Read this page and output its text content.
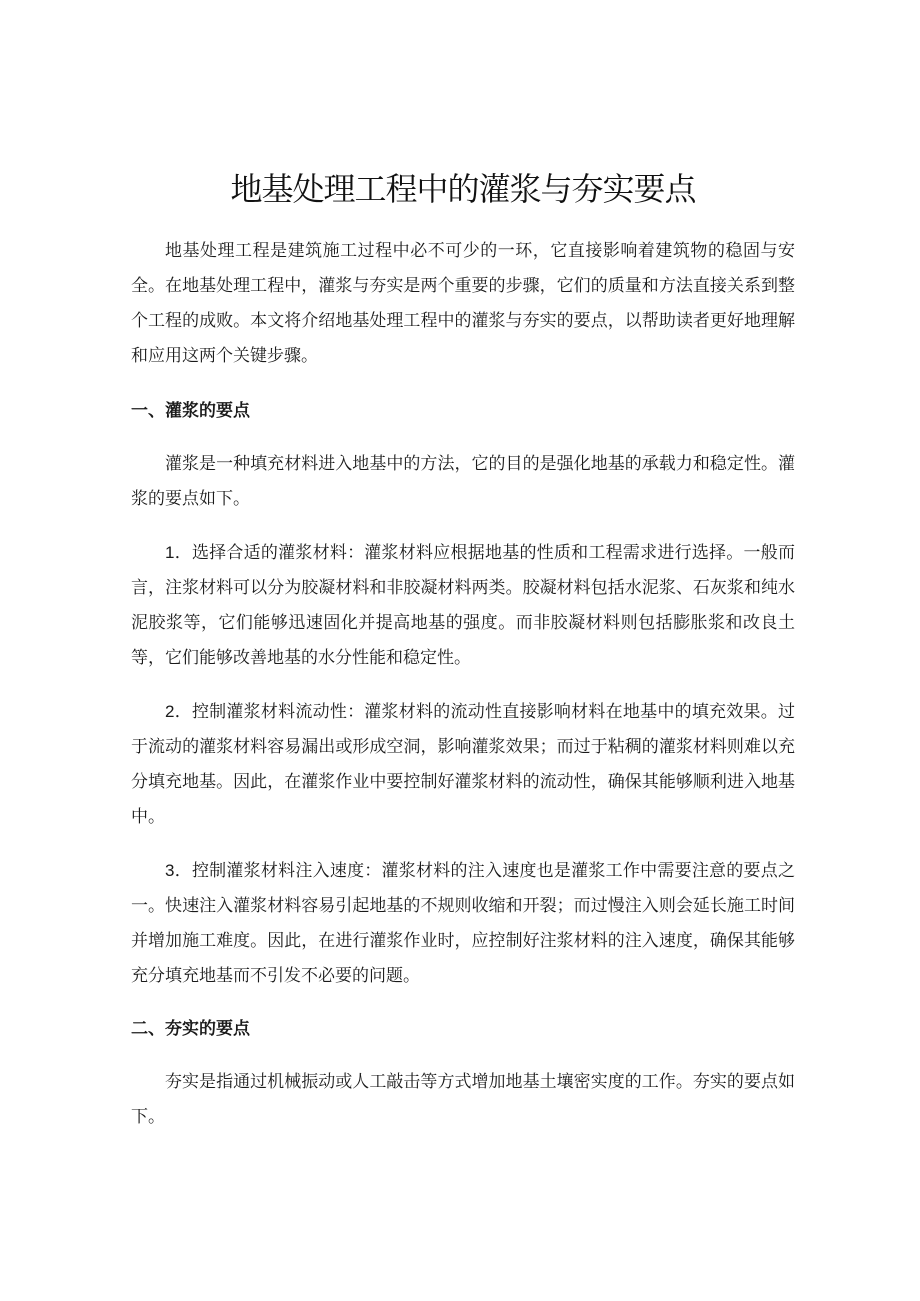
地基处理工程中的灌浆与夯实要点

地基处理工程是建筑施工过程中必不可少的一环，它直接影响着建筑物的稳固与安全。在地基处理工程中，灌浆与夯实是两个重要的步骤，它们的质量和方法直接关系到整个工程的成败。本文将介绍地基处理工程中的灌浆与夯实的要点，以帮助读者更好地理解和应用这两个关键步骤。

一、灌浆的要点

灌浆是一种填充材料进入地基中的方法，它的目的是强化地基的承载力和稳定性。灌浆的要点如下。

1．选择合适的灌浆材料：灌浆材料应根据地基的性质和工程需求进行选择。一般而言，注浆材料可以分为胶凝材料和非胶凝材料两类。胶凝材料包括水泥浆、石灰浆和纯水泥胶浆等，它们能够迅速固化并提高地基的强度。而非胶凝材料则包括膨胀浆和改良土等，它们能够改善地基的水分性能和稳定性。

2．控制灌浆材料流动性：灌浆材料的流动性直接影响材料在地基中的填充效果。过于流动的灌浆材料容易漏出或形成空洞，影响灌浆效果；而过于粘稠的灌浆材料则难以充分填充地基。因此，在灌浆作业中要控制好灌浆材料的流动性，确保其能够顺利进入地基中。

3．控制灌浆材料注入速度：灌浆材料的注入速度也是灌浆工作中需要注意的要点之一。快速注入灌浆材料容易引起地基的不规则收缩和开裂；而过慢注入则会延长施工时间并增加施工难度。因此，在进行灌浆作业时，应控制好注浆材料的注入速度，确保其能够充分填充地基而不引发不必要的问题。

二、夯实的要点

夯实是指通过机械振动或人工敲击等方式增加地基土壤密实度的工作。夯实的要点如下。
